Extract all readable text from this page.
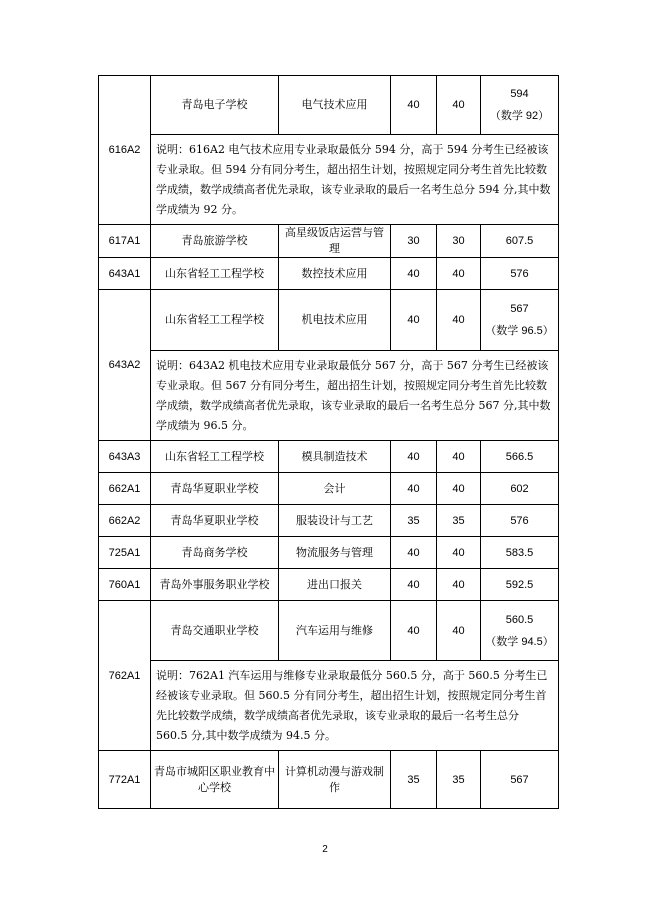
616A2	青岛电子学校	电气技术应用	40	40	594
（数学 92）

	说明：616A2 电气技术应用专业录取最低分 594 分，高于 594 分考生已经被该专业录取。但 594 分有同分考生，超出招生计划，按照规定同分考生首先比较数学成绩，数学成绩高者优先录取，该专业录取的最后一名考生总分 594 分,其中数学成绩为 92 分。				
617A1	青岛旅游学校	高星级饭店运营与管理	30	30	607.5
643A1	山东省轻工工程学校	数控技术应用	40	40	576
643A2	山东省轻工工程学校	机电技术应用	40	40	567
（数学 96.5）

	说明：643A2 机电技术应用专业录取最低分 567 分，高于 567 分考生已经被该专业录取。但 567 分有同分考生，超出招生计划，按照规定同分考生首先比较数学成绩，数学成绩高者优先录取，该专业录取的最后一名考生总分 567 分,其中数学成绩为 96.5 分。				
643A3	山东省轻工工程学校	模具制造技术	40	40	566.5
662A1	青岛华夏职业学校	会计	40	40	602
662A2	青岛华夏职业学校	服装设计与工艺	35	35	576
725A1	青岛商务学校	物流服务与管理	40	40	583.5
760A1	青岛外事服务职业学校	进出口报关	40	40	592.5
762A1	青岛交通职业学校	汽车运用与维修	40	40	560.5
（数学 94.5）

	说明：762A1 汽车运用与维修专业录取最低分 560.5 分，高于 560.5 分考生已经被该专业录取。但 560.5 分有同分考生，超出招生计划，按照规定同分考生首先比较数学成绩，数学成绩高者优先录取，该专业录取的最后一名考生总分 560.5 分,其中数学成绩为 94.5 分。				
772A1	青岛市城阳区职业教育中心学校	计算机动漫与游戏制作	35	35	567
2
